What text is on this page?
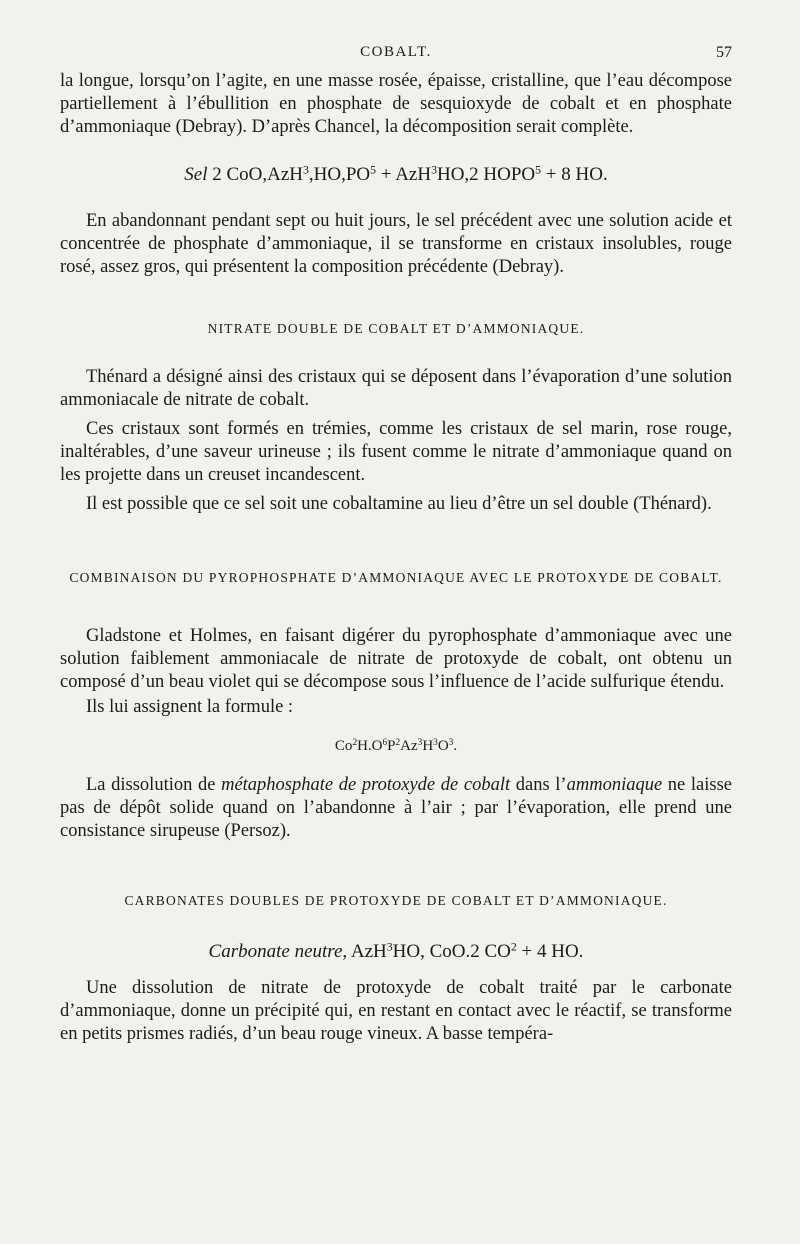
COBALT.	57

la longue, lorsqu’on l’agite, en une masse rosée, épaisse, cristalline, que l’eau décompose partiellement à l’ébullition en phosphate de sesquioxyde de cobalt et en phosphate d’ammoniaque (Debray). D’après Chancel, la décomposition serait complète.

Sel 2 $CoO,AzH^3,HO,PO^5 + AzH^3HO,2$ $HOPO^5 + 8$ HO.

En abandonnant pendant sept ou huit jours, le sel précédent avec une solution acide et concentrée de phosphate d’ammoniaque, il se transforme en cristaux insolubles, rouge rosé, assez gros, qui présentent la composition précédente (Debray).

NITRATE DOUBLE DE COBALT ET D’AMMONIAQUE.

Thénard a désigné ainsi des cristaux qui se déposent dans l’évaporation d’une solution ammoniacale de nitrate de cobalt.

Ces cristaux sont formés en trémies, comme les cristaux de sel marin, rose rouge, inaltérables, d’une saveur urineuse ; ils fusent comme le nitrate d’ammoniaque quand on les projette dans un creuset incandescent.

Il est possible que ce sel soit une cobaltamine au lieu d’être un sel double (Thénard).

COMBINAISON DU PYROPHOSPHATE D’AMMONIAQUE AVEC LE PROTOXYDE DE COBALT.

Gladstone et Holmes, en faisant digérer du pyrophosphate d’ammoniaque avec une solution faiblement ammoniacale de nitrate de protoxyde de cobalt, ont obtenu un composé d’un beau violet qui se décompose sous l’influence de l’acide sulfurique étendu.

Ils lui assignent la formule :

$Co^2H.O^6P^2Az^3H^3O^3$.

La dissolution de métaphosphate de protoxyde de cobalt dans l’ammoniaque ne laisse pas de dépôt solide quand on l’abandonne à l’air ; par l’évaporation, elle prend une consistance sirupeuse (Persoz).

CARBONATES DOUBLES DE PROTOXYDE DE COBALT ET D’AMMONIAQUE.

Carbonate neutre, AzH$^3$HO, CoO.2 $CO^2 + 4$ HO.

Une dissolution de nitrate de protoxyde de cobalt traité par le carbonate d’ammoniaque, donne un précipité qui, en restant en contact avec le réactif, se transforme en petits prismes radiés, d’un beau rouge vineux. A basse tempéra-
